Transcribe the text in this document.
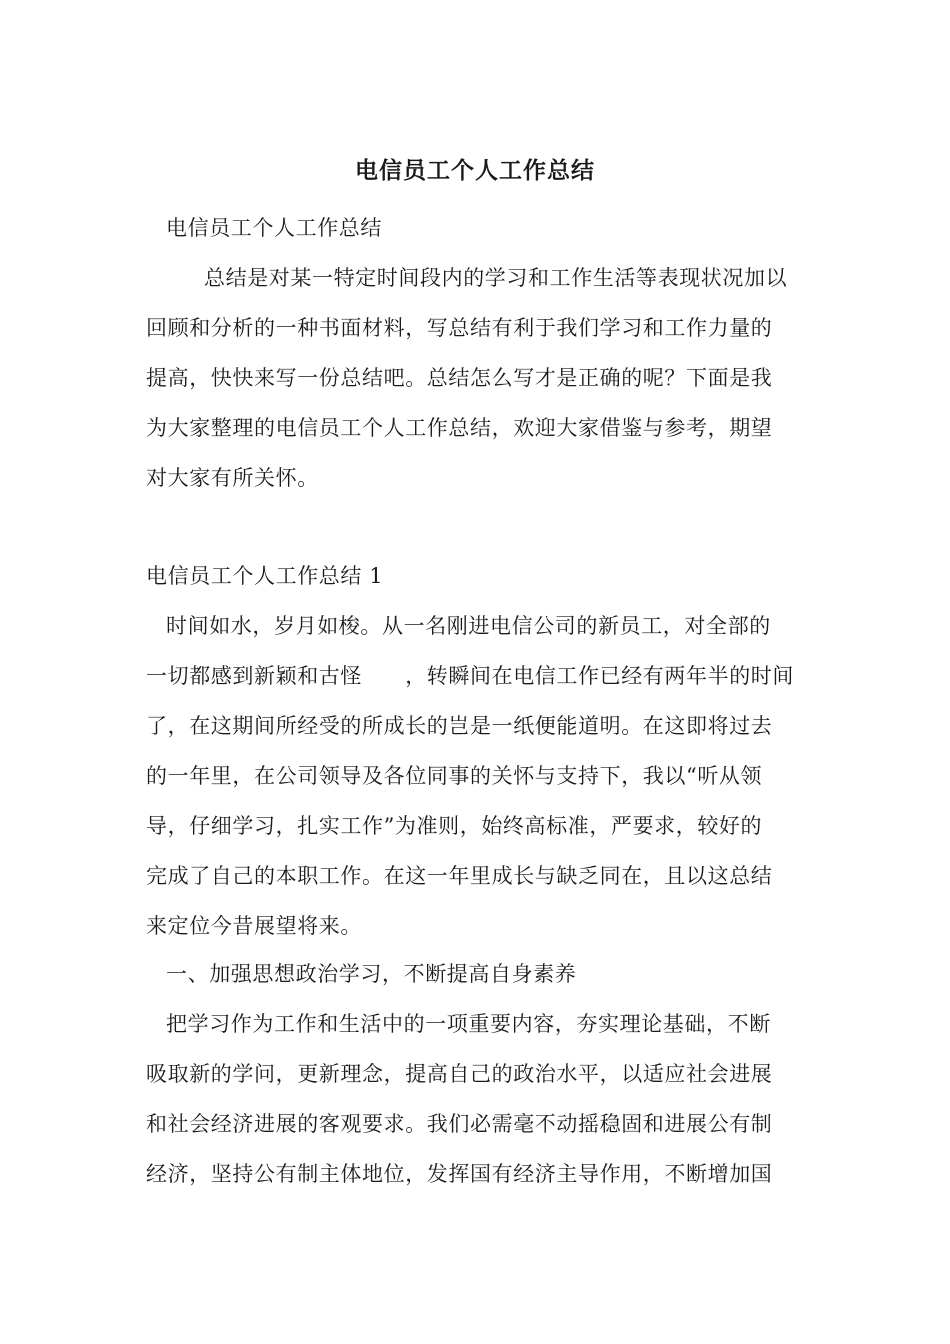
电信员工个人工作总结
电信员工个人工作总结
总结是对某一特定时间段内的学习和工作生活等表现状况加以
回顾和分析的一种书面材料，写总结有利于我们学习和工作力量的
提高，快快来写一份总结吧。总结怎么写才是正确的呢？下面是我
为大家整理的电信员工个人工作总结，欢迎大家借鉴与参考，期望
对大家有所关怀。
电信员工个人工作总结 1
时间如水，岁月如梭。从一名刚进电信公司的新员工，对全部的
一切都感到新颖和古怪　　，转瞬间在电信工作已经有两年半的时间
了，在这期间所经受的所成长的岂是一纸便能道明。在这即将过去
的一年里，在公司领导及各位同事的关怀与支持下，我以“听从领
导，仔细学习，扎实工作”为准则，始终高标准，严要求，较好的
完成了自己的本职工作。在这一年里成长与缺乏同在，且以这总结
来定位今昔展望将来。
一、加强思想政治学习，不断提高自身素养
把学习作为工作和生活中的一项重要内容，夯实理论基础，不断
吸取新的学问，更新理念，提高自己的政治水平，以适应社会进展
和社会经济进展的客观要求。我们必需毫不动摇稳固和进展公有制
经济，坚持公有制主体地位，发挥国有经济主导作用，不断增加国
